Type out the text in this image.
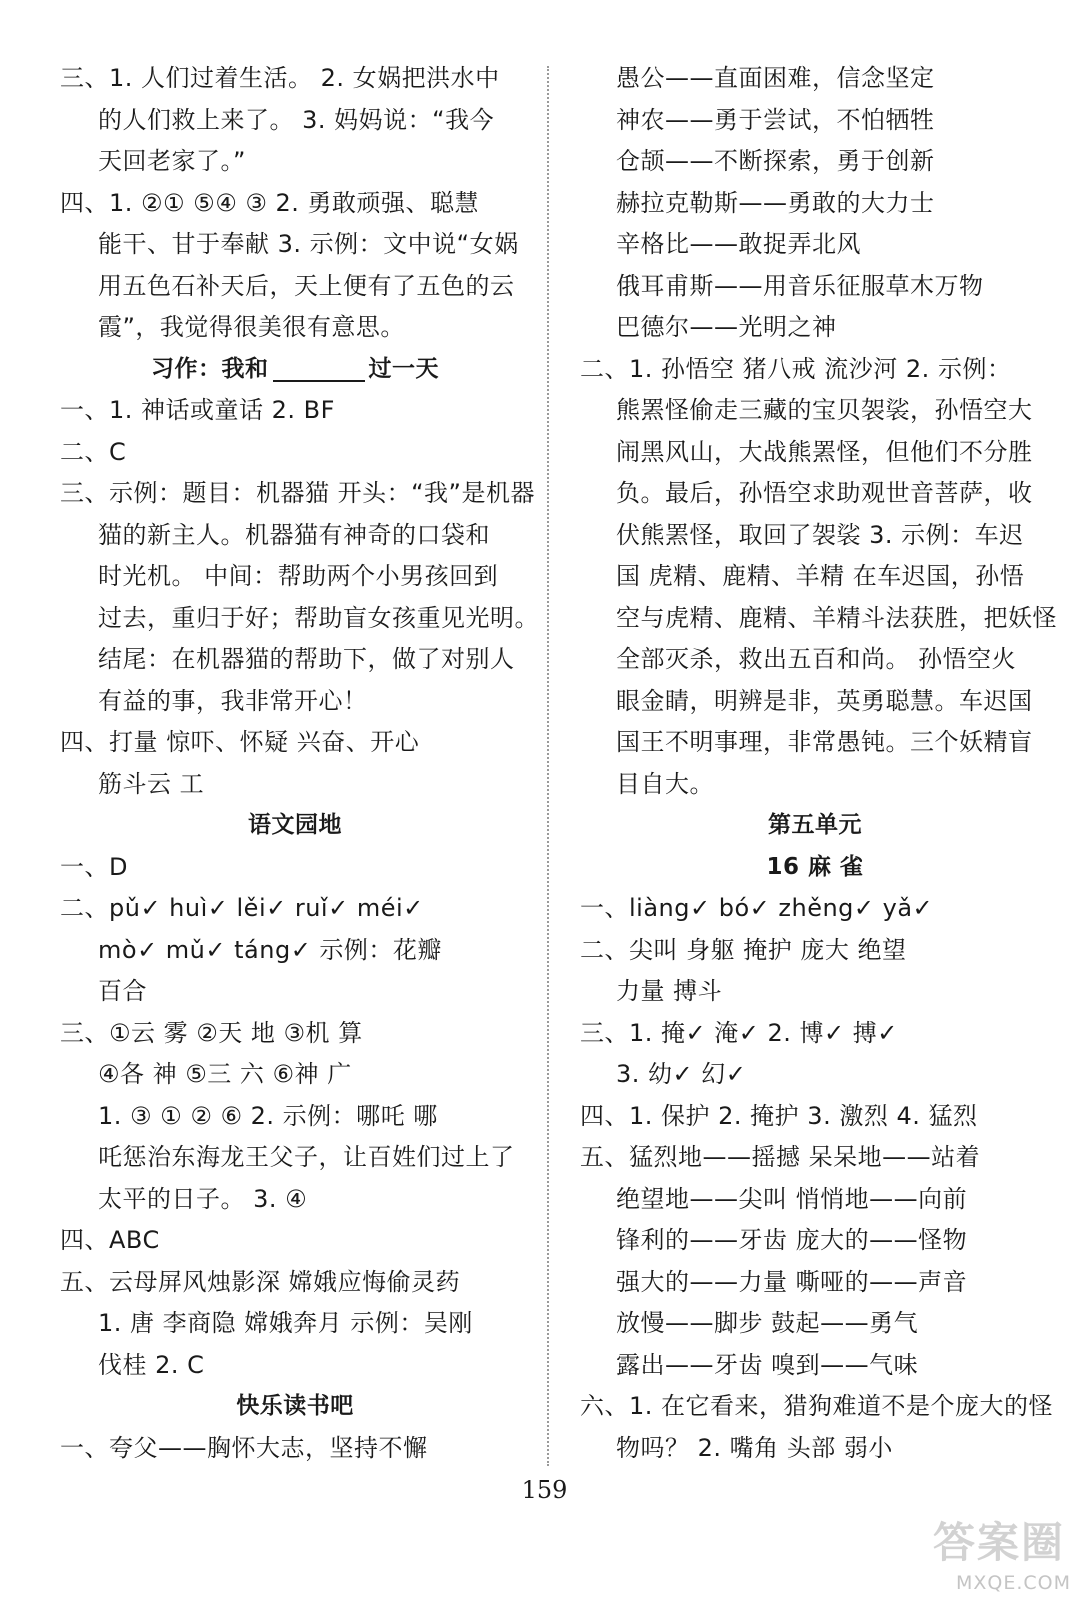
三、1. 人们过着生活。 2. 女娲把洪水中
的人们救上来了。 3. 妈妈说：“我今
天回老家了。”
四、1. ②① ⑤④ ③ 2. 勇敢顽强、聪慧
能干、甘于奉献 3. 示例：文中说“女娲
用五色石补天后，天上便有了五色的云
霞”，我觉得很美很有意思。
习作：我和	过一天
一、1. 神话或童话 2. BF
二、C
三、示例：题目：机器猫 开头：“我”是机器
猫的新主人。机器猫有神奇的口袋和
时光机。 中间：帮助两个小男孩回到
过去，重归于好；帮助盲女孩重见光明。
结尾：在机器猫的帮助下，做了对别人
有益的事，我非常开心！
四、打量 惊吓、怀疑 兴奋、开心
筋斗云 工
语文园地
一、D
二、pǔ✓ huì✓ lěi✓ ruǐ✓ méi✓
mò✓ mǔ✓ táng✓ 示例：花瓣
百合
三、①云 雾 ②天 地 ③机 算
④各 神 ⑤三 六 ⑥神 广
1. ③ ① ② ⑥ 2. 示例：哪吒 哪
吒惩治东海龙王父子，让百姓们过上了
太平的日子。 3. ④
四、ABC
五、云母屏风烛影深 嫦娥应悔偷灵药
1. 唐 李商隐 嫦娥奔月 示例：吴刚
伐桂 2. C
快乐读书吧
一、夸父——胸怀大志，坚持不懈
愚公——直面困难，信念坚定
神农——勇于尝试，不怕牺牲
仓颉——不断探索，勇于创新
赫拉克勒斯——勇敢的大力士
辛格比——敢捉弄北风
俄耳甫斯——用音乐征服草木万物
巴德尔——光明之神
二、1. 孙悟空 猪八戒 流沙河 2. 示例：
熊罴怪偷走三藏的宝贝袈裟，孙悟空大
闹黑风山，大战熊罴怪，但他们不分胜
负。最后，孙悟空求助观世音菩萨，收
伏熊罴怪，取回了袈裟 3. 示例：车迟
国 虎精、鹿精、羊精 在车迟国，孙悟
空与虎精、鹿精、羊精斗法获胜，把妖怪
全部灭杀，救出五百和尚。 孙悟空火
眼金睛，明辨是非，英勇聪慧。车迟国
国王不明事理，非常愚钝。三个妖精盲
目自大。
第五单元
16 麻 雀
一、liàng✓ bó✓ zhěng✓ yǎ✓
二、尖叫 身躯 掩护 庞大 绝望
力量 搏斗
三、1. 掩✓ 淹✓ 2. 博✓ 搏✓
3. 幼✓ 幻✓
四、1. 保护 2. 掩护 3. 激烈 4. 猛烈
五、猛烈地——摇撼 呆呆地——站着
绝望地——尖叫 悄悄地——向前
锋利的——牙齿 庞大的——怪物
强大的——力量 嘶哑的——声音
放慢——脚步 鼓起——勇气
露出——牙齿 嗅到——气味
六、1. 在它看来，猎狗难道不是个庞大的怪
物吗？ 2. 嘴角 头部 弱小
159
答案圈
MXQE.COM
